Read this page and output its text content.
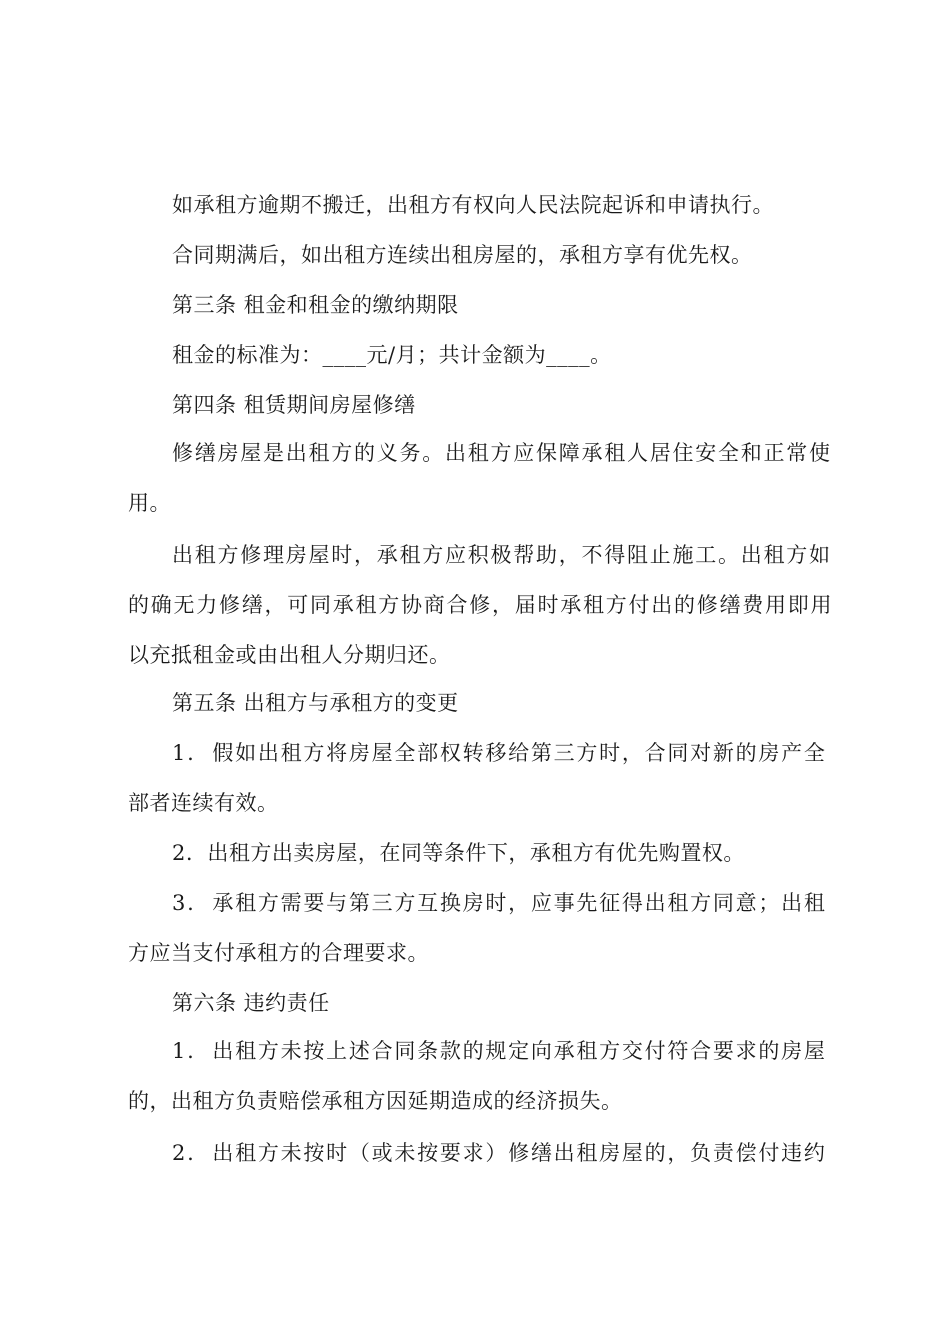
如承租方逾期不搬迁，出租方有权向人民法院起诉和申请执行。
合同期满后，如出租方连续出租房屋的，承租方享有优先权。
第三条 租金和租金的缴纳期限
租金的标准为：____元/月；共计金额为____。
第四条 租赁期间房屋修缮
修缮房屋是出租方的义务。出租方应保障承租人居住安全和正常使
用。
出租方修理房屋时，承租方应积极帮助，不得阻止施工。出租方如
的确无力修缮，可同承租方协商合修，届时承租方付出的修缮费用即用
以充抵租金或由出租人分期归还。
第五条 出租方与承租方的变更
1.  假如出租方将房屋全部权转移给第三方时，合同对新的房产全
部者连续有效。
2.  出租方出卖房屋，在同等条件下，承租方有优先购置权。
3.  承租方需要与第三方互换房时，应事先征得出租方同意；出租
方应当支付承租方的合理要求。
第六条 违约责任
1.  出租方未按上述合同条款的规定向承租方交付符合要求的房屋
的，出租方负责赔偿承租方因延期造成的经济损失。
2.  出租方未按时（或未按要求）修缮出租房屋的，负责偿付违约
